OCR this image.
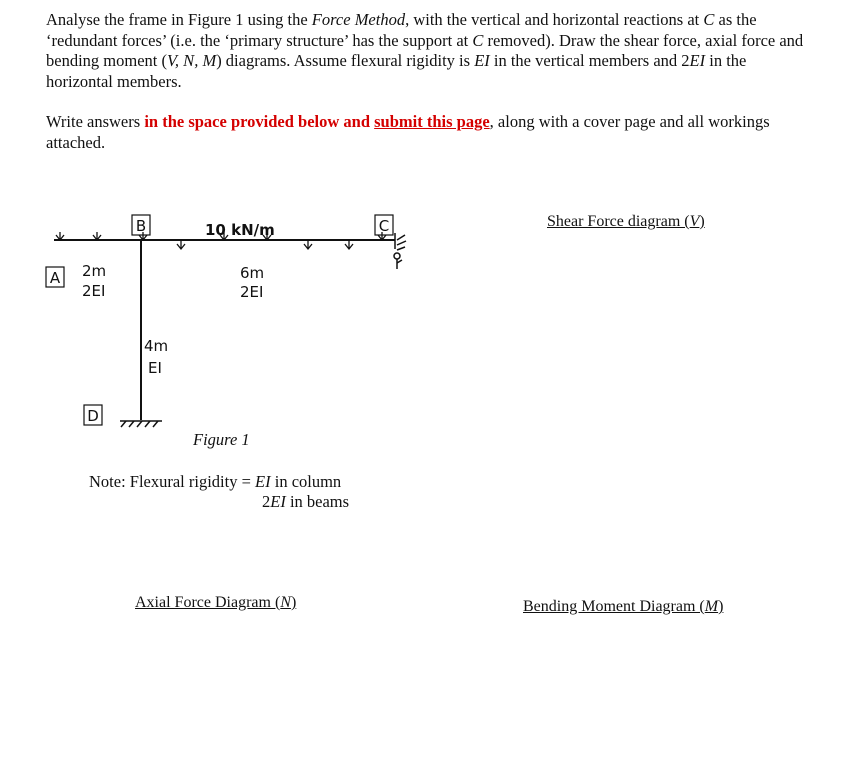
Analyse the frame in Figure 1 using the Force Method, with the vertical and horizontal reactions at C as the ‘redundant forces’ (i.e. the ‘primary structure’ has the support at C removed). Draw the shear force, axial force and bending moment (V, N, M) diagrams. Assume flexural rigidity is EI in the vertical members and 2EI in the horizontal members.
Write answers in the space provided below and submit this page, along with a cover page and all workings attached.
B	C
A
D
10 kN/m
2m
2EI
6m
2EI
4m
EI
Figure 1
Note: Flexural rigidity = EI in column
2EI in beams
Shear Force diagram (V)
Axial Force Diagram (N)	Bending Moment Diagram (M)
